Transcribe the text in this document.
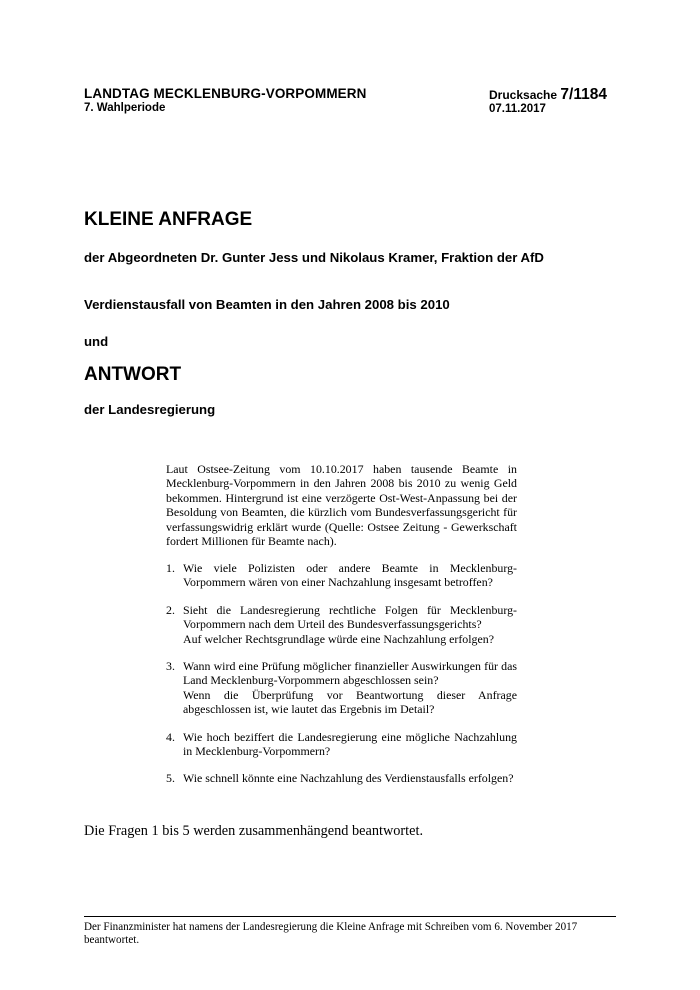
LANDTAG MECKLENBURG-VORPOMMERN
7. Wahlperiode
Drucksache 7/1184
07.11.2017
KLEINE ANFRAGE
der Abgeordneten Dr. Gunter Jess und Nikolaus Kramer, Fraktion der AfD
Verdienstausfall von Beamten in den Jahren 2008 bis 2010
und
ANTWORT
der Landesregierung

Laut Ostsee-Zeitung vom 10.10.2017 haben tausende Beamte in Mecklenburg-Vorpommern in den Jahren 2008 bis 2010 zu wenig Geld bekommen. Hintergrund ist eine verzögerte Ost-West-Anpassung bei der Besoldung von Beamten, die kürzlich vom Bundesverfassungsgericht für verfassungswidrig erklärt wurde (Quelle: Ostsee Zeitung - Gewerkschaft fordert Millionen für Beamte nach).

1. Wie viele Polizisten oder andere Beamte in Mecklenburg-Vorpommern wären von einer Nachzahlung insgesamt betroffen?
2. Sieht die Landesregierung rechtliche Folgen für Mecklenburg-Vorpommern nach dem Urteil des Bundesverfassungsgerichts?
Auf welcher Rechtsgrundlage würde eine Nachzahlung erfolgen?
3. Wann wird eine Prüfung möglicher finanzieller Auswirkungen für das Land Mecklenburg-Vorpommern abgeschlossen sein?
Wenn die Überprüfung vor Beantwortung dieser Anfrage abgeschlossen ist, wie lautet das Ergebnis im Detail?
4. Wie hoch beziffert die Landesregierung eine mögliche Nachzahlung in Mecklenburg-Vorpommern?
5. Wie schnell könnte eine Nachzahlung des Verdienstausfalls erfolgen?
Die Fragen 1 bis 5 werden zusammenhängend beantwortet.
Der Finanzminister hat namens der Landesregierung die Kleine Anfrage mit Schreiben vom 6. November 2017 beantwortet.
